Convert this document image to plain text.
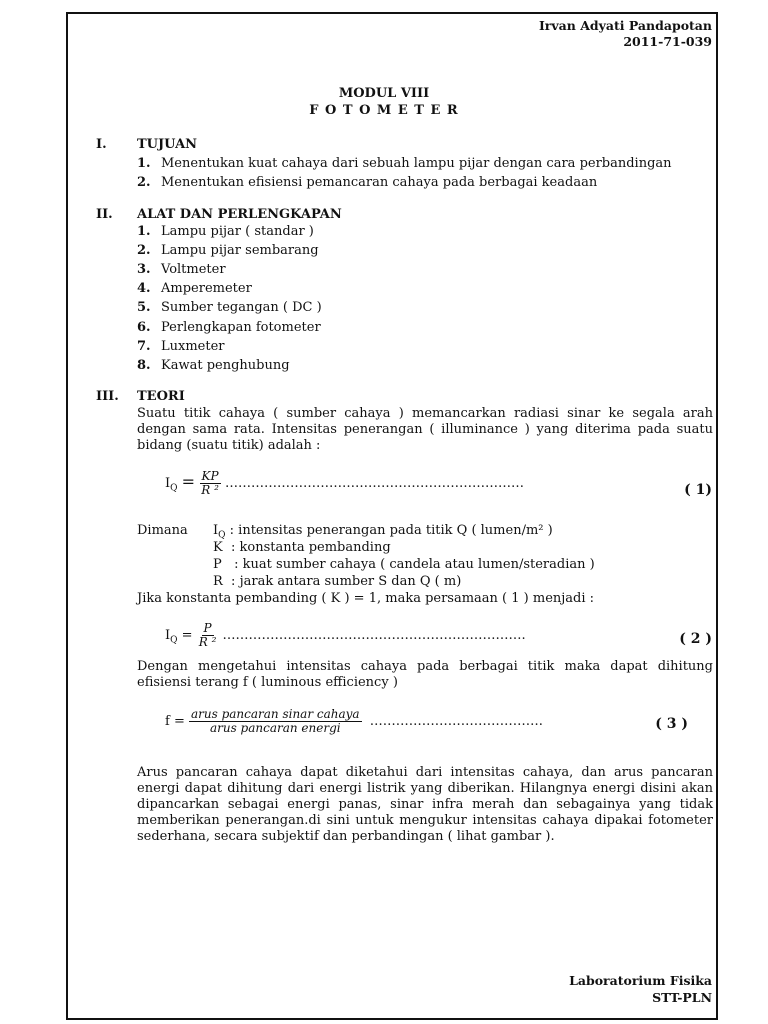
Irvan Adyati Pandapotan
2011-71-039
MODUL VIII
F O T O M E T E R
I. TUJUAN
1. Menentukan kuat cahaya dari sebuah lampu pijar dengan cara perbandingan
2. Menentukan efisiensi pemancaran cahaya pada berbagai keadaan
II. ALAT DAN PERLENGKAPAN
1. Lampu pijar ( standar )
2. Lampu pijar sembarang
3. Voltmeter
4. Amperemeter
5. Sumber tegangan ( DC )
6. Perlengkapan fotometer
7. Luxmeter
8. Kawat penghubung
III. TEORI
Suatu titik cahaya ( sumber cahaya ) memancarkan radiasi sinar ke segala arah dengan sama rata. Intensitas penerangan ( illuminance ) yang diterima pada suatu bidang (suatu titik) adalah :
$I_Q = \frac{KP}{\text{R ²}}$ ……………………………………………………………	( 1)
Dimana $I_Q$ : intensitas penerangan pada titik Q ( lumen/m² )
K  : konstanta pembanding
P   : kuat sumber cahaya ( candela atau lumen/steradian )
R  : jarak antara sumber S dan Q ( m)
Jika konstanta pembanding ( K ) = 1, maka persamaan ( 1 ) menjadi :
$I_Q = \frac{P}{\text{R ²}}$ …………………………………………………………….	( 2 )
Dengan mengetahui intensitas cahaya pada berbagai titik maka dapat dihitung efisiensi terang f ( luminous efficiency )
$f = \frac{\text{arus pancaran sinar cahaya}}{\text{arus pancaran energi}}$ ………………………………….	( 3 )
Arus pancaran cahaya dapat diketahui dari intensitas cahaya, dan arus pancaran energi dapat dihitung dari energi listrik yang diberikan. Hilangnya energi disini akan dipancarkan sebagai energi panas, sinar infra merah dan sebagainya yang tidak memberikan penerangan.di sini untuk mengukur intensitas cahaya dipakai fotometer sederhana, secara subjektif dan perbandingan ( lihat gambar ).
Laboratorium Fisika
STT-PLN
